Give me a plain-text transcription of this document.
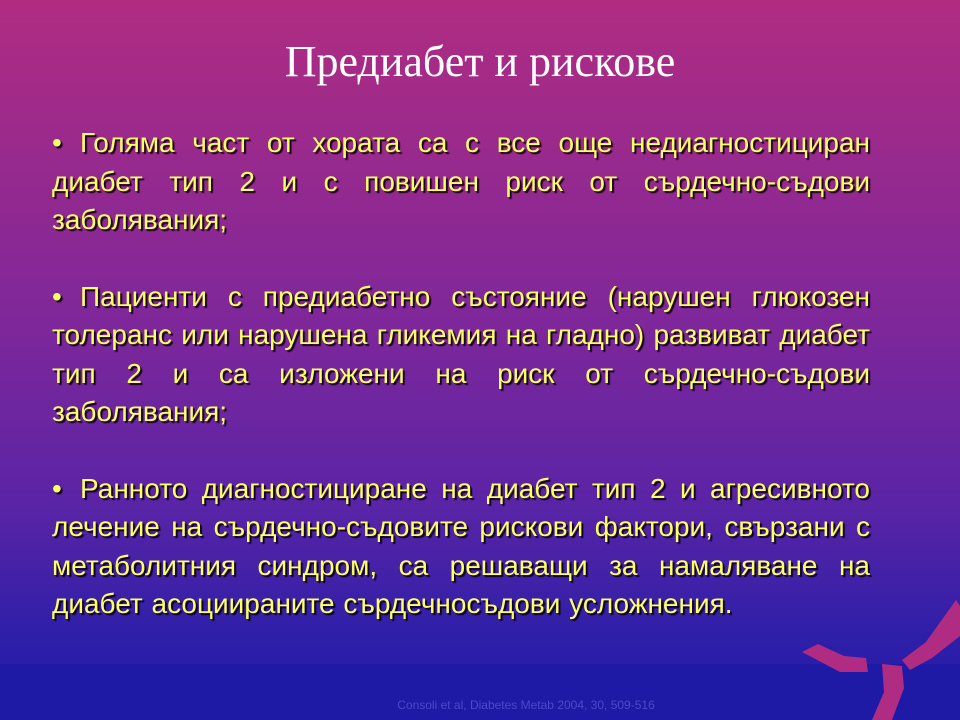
Предиабет и рискове

• Голяма част от хората са с все още недиагностициран диабет тип 2 и с повишен риск от сърдечно-съдови заболявания;

• Пациенти с предиабетно състояние (нарушен глюкозен толеранс или нарушена гликемия на гладно) развиват диабет тип 2 и са изложени на риск от сърдечно-съдови заболявания;

• Ранното диагностициране на диабет тип 2 и агресивното лечение на сърдечно-съдовите рискови фактори, свързани с метаболитния синдром, са решаващи за намаляване на диабет асоциираните сърдечносъдови усложнения.

Consoli et al, Diabetes Metab 2004, 30, 509-516
